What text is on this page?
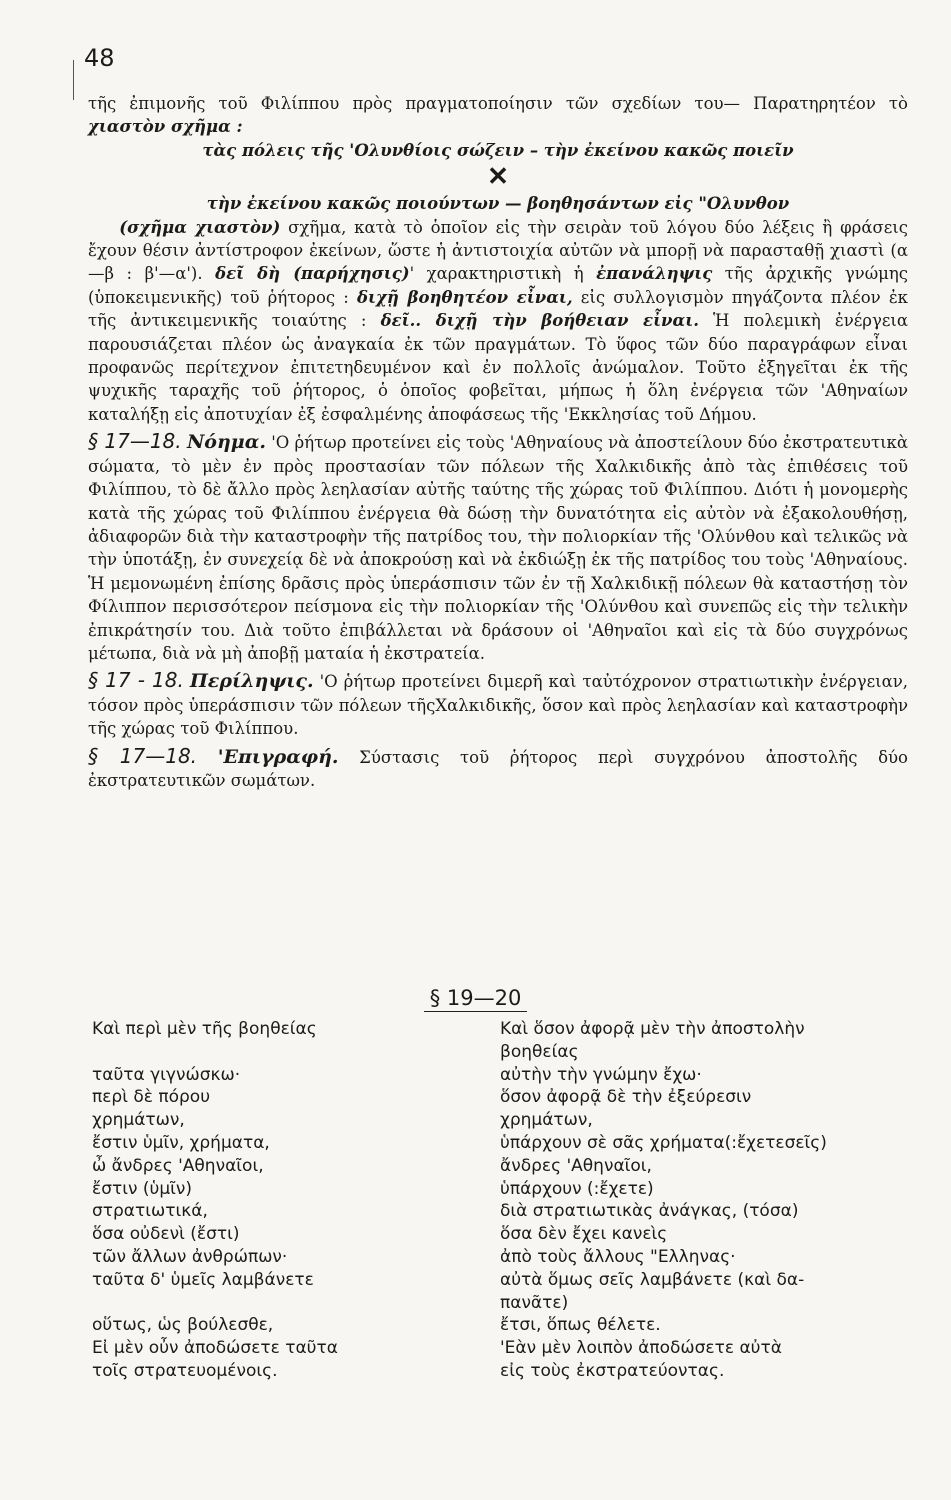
48

τῆς ἐπιμονῆς τοῦ Φιλίππου πρὸς πραγματοποίησιν τῶν σχεδίων του— Παρατηρητέον τὸ χιαστὸν σχῆμα :

τὰς πόλεις τῆς 'Ολυνθίοις σώζειν – τὴν ἐκείνου κακῶς ποιεῖν

✕

τὴν ἐκείνου κακῶς ποιούντων — βοηθησάντων εἰς "Ολυνθον

(σχῆμα χιαστὸν) σχῆμα, κατὰ τὸ ὁποῖον εἰς τὴν σειρὰν τοῦ λόγου δύο λέξεις ἢ φράσεις ἔχουν θέσιν ἀντίστροφον ἐκείνων, ὥστε ἡ ἀντιστοιχία αὐτῶν νὰ μπορῇ νὰ παρασταθῇ χιαστὶ (α—β : β'—α'). δεῖ δὴ (παρήχησις)' χαρακτηριστικὴ ἡ ἐπανάληψις τῆς ἀρχικῆς γνώμης (ὑποκειμενικῆς) τοῦ ῥήτορος : διχῇ βοηθητέον εἶναι, εἰς συλλογισμὸν πηγάζοντα πλέον ἐκ τῆς ἀντικειμενικῆς τοιαύτης : δεῖ.. διχῇ τὴν βοήθειαν εἶναι. Ἡ πολεμικὴ ἐνέργεια παρουσιάζεται πλέον ὡς ἀναγκαία ἐκ τῶν πραγμάτων. Τὸ ὕφος τῶν δύο παραγράφων εἶναι προφανῶς περίτεχνον ἐπιτετηδευμένον καὶ ἐν πολλοῖς ἀνώμαλον. Τοῦτο ἐξηγεῖται ἐκ τῆς ψυχικῆς ταραχῆς τοῦ ῥήτορος, ὁ ὁποῖος φοβεῖται, μήπως ἡ ὅλη ἐνέργεια τῶν 'Αθηναίων καταλήξῃ εἰς ἀποτυχίαν ἐξ ἐσφαλμένης ἀποφάσεως τῆς 'Εκκλησίας τοῦ Δήμου.

§ 17—18. Νόημα. 'Ο ῥήτωρ προτείνει εἰς τοὺς 'Αθηναίους νὰ ἀποστείλουν δύο ἐκστρατευτικὰ σώματα, τὸ μὲν ἐν πρὸς προστασίαν τῶν πόλεων τῆς Χαλκιδικῆς ἀπὸ τὰς ἐπιθέσεις τοῦ Φιλίππου, τὸ δὲ ἄλλο πρὸς λεηλασίαν αὐτῆς ταύτης τῆς χώρας τοῦ Φιλίππου. Διότι ἡ μονομερὴς κατὰ τῆς χώρας τοῦ Φιλίππου ἐνέργεια θὰ δώσῃ τὴν δυνατότητα εἰς αὐτὸν νὰ ἐξακολουθήσῃ, ἀδιαφορῶν διὰ τὴν καταστροφὴν τῆς πατρίδος του, τὴν πολιορκίαν τῆς 'Ολύνθου καὶ τελικῶς νὰ τὴν ὑποτάξῃ, ἐν συνεχείᾳ δὲ νὰ ἀποκρούσῃ καὶ νὰ ἐκδιώξῃ ἐκ τῆς πατρίδος του τοὺς 'Αθηναίους. Ἡ μεμονωμένη ἐπίσης δρᾶσις πρὸς ὑπεράσπισιν τῶν ἐν τῇ Χαλκιδικῇ πόλεων θὰ καταστήσῃ τὸν Φίλιππον περισσότερον πείσμονα εἰς τὴν πολιορκίαν τῆς 'Ολύνθου καὶ συνεπῶς εἰς τὴν τελικὴν ἐπικράτησίν του. Διὰ τοῦτο ἐπιβάλλεται νὰ δράσουν οἱ 'Αθηναῖοι καὶ εἰς τὰ δύο συγχρόνως μέτωπα, διὰ νὰ μὴ ἀποβῇ ματαία ἡ ἐκστρατεία.

§ 17 - 18. Περίληψις. 'Ο ῥήτωρ προτείνει διμερῆ καὶ ταὐτόχρονον στρατιωτικὴν ἐνέργειαν, τόσον πρὸς ὑπεράσπισιν τῶν πόλεων τῆςΧαλκιδικῆς, ὅσον καὶ πρὸς λεηλασίαν καὶ καταστροφὴν τῆς χώρας τοῦ Φιλίππου.

§ 17—18. 'Επιγραφή. Σύστασις τοῦ ῥήτορος περὶ συγχρόνου ἀποστολῆς δύο ἐκστρατευτικῶν σωμάτων.

§ 19—20
Καὶ περὶ μὲν τῆς βοηθείας
ταῦτα γιγνώσκω·
περὶ δὲ πόρου
χρημάτων,
ἔστιν ὑμῖν, χρήματα,
ὦ ἄνδρες 'Αθηναῖοι,
ἔστιν (ὑμῖν)
στρατιωτικά,
ὅσα οὐδενὶ (ἔστι)
τῶν ἄλλων ἀνθρώπων·
ταῦτα δ' ὑμεῖς λαμβάνετε
οὕτως, ὡς βούλεσθε,
Εἰ μὲν οὖν ἀποδώσετε ταῦτα
τοῖς στρατευομένοις.
Καὶ ὅσον ἀφορᾷ μὲν τὴν ἀποστολὴν
βοηθείας
αὐτὴν τὴν γνώμην ἔχω·
ὅσον ἀφορᾷ δὲ τὴν ἐξεύρεσιν
χρημάτων,
ὑπάρχουν σὲ σᾶς χρήματα(:ἔχετεσεῖς)
ἄνδρες 'Αθηναῖοι,
ὑπάρχουν (:ἔχετε)
διὰ στρατιωτικὰς ἀνάγκας, (τόσα)
ὅσα δὲν ἔχει κανεὶς
ἀπὸ τοὺς ἄλλους "Ελληνας·
αὐτὰ ὅμως σεῖς λαμβάνετε (καὶ δα-
πανᾶτε)
ἔτσι, ὅπως θέλετε.
'Εὰν μὲν λοιπὸν ἀποδώσετε αὐτὰ
εἰς τοὺς ἐκστρατεύοντας.
